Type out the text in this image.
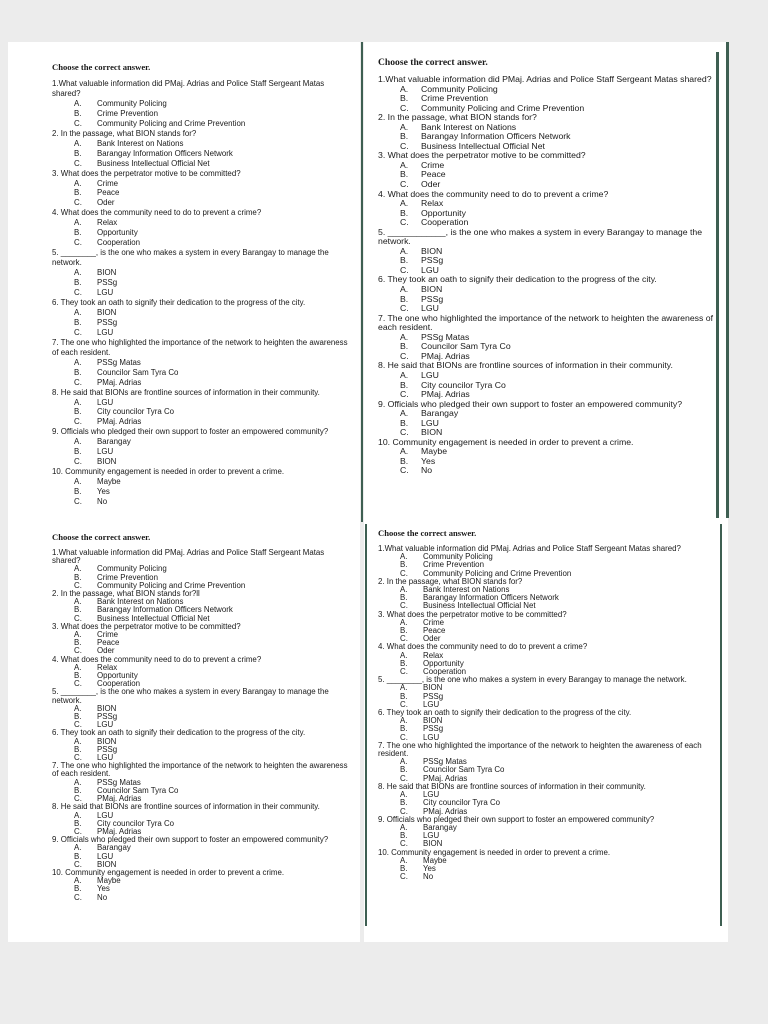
Choose the correct answer.

1.What valuable information did PMaj. Adrias and Police Staff Sergeant Matas shared?

A.	Community Policing
B.	Crime Prevention
C.	Community Policing and Crime Prevention

2. In the passage, what BION stands for?

A.	Bank Interest on Nations
B.	Barangay Information Officers Network
C.	Business Intellectual Official Net

3. What does the perpetrator motive to be committed?

A.	Crime
B.	Peace
C.	Oder

4. What does the community need to do to prevent a crime?

A.	Relax
B.	Opportunity
C.	Cooperation

5. ________, is the one who makes a system in every Barangay to manage the network.

A.	BION
B.	PSSg
C.	LGU

6. They took an oath to signify their dedication to the progress of the city.

A.	BION
B.	PSSg
C.	LGU

7. The one who highlighted the importance of the network to heighten the awareness of each resident.

A.	PSSg Matas
B.	Councilor Sam Tyra Co
C.	PMaj. Adrias

8. He said that BIONs are frontline sources of information in their community.

A.	LGU
B.	City councilor Tyra Co
C.	PMaj. Adrias

9. Officials who pledged their own support to foster an empowered community?

A.	Barangay
B.	LGU
C.	BION

10. Community engagement is needed in order to prevent a crime.

A.	Maybe
B.	Yes
C.	No

Choose the correct answer.

1.What valuable information did PMaj. Adrias and Police Staff Sergeant Matas shared?

A.	Community Policing
B.	Crime Prevention
C.	Community Policing and Crime Prevention

2. In the passage, what BION stands for?

A.	Bank Interest on Nations
B.	Barangay Information Officers Network
C.	Business Intellectual Official Net

3. What does the perpetrator motive to be committed?

A.	Crime
B.	Peace
C.	Oder

4. What does the community need to do to prevent a crime?

A.	Relax
B.	Opportunity
C.	Cooperation

5. ____________, is the one who makes a system in every Barangay to manage the network.

A.	BION
B.	PSSg
C.	LGU

6. They took an oath to signify their dedication to the progress of the city.

A.	BION
B.	PSSg
C.	LGU

7. The one who highlighted the importance of the network to heighten the awareness of each resident.

A.	PSSg Matas
B.	Councilor Sam Tyra Co
C.	PMaj. Adrias

8. He said that BIONs are frontline sources of information in their community.

A.	LGU
B.	City councilor Tyra Co
C.	PMaj. Adrias

9. Officials who pledged their own support to foster an empowered community?

A.	Barangay
B.	LGU
C.	BION

10. Community engagement is needed in order to prevent a crime.

A.	Maybe
B.	Yes
C.	No

Choose the correct answer.

1.What valuable information did PMaj. Adrias and Police Staff Sergeant Matas shared?

A.	Community Policing
B.	Crime Prevention
C.	Community Policing and Crime Prevention

2. In the passage, what BION stands for?ll

A.	Bank Interest on Nations
B.	Barangay Information Officers Network
C.	Business Intellectual Official Net

3. What does the perpetrator motive to be committed?

A.	Crime
B.	Peace
C.	Oder

4. What does the community need to do to prevent a crime?

A.	Relax
B.	Opportunity
C.	Cooperation

5. ________, is the one who makes a system in every Barangay to manage the network.

A.	BION
B.	PSSg
C.	LGU

6. They took an oath to signify their dedication to the progress of the city.

A.	BION
B.	PSSg
C.	LGU

7. The one who highlighted the importance of the network to heighten the awareness of each resident.

A.	PSSg Matas
B.	Councilor Sam Tyra Co
C.	PMaj. Adrias

8. He said that BIONs are frontline sources of information in their community.

A.	LGU
B.	City councilor Tyra Co
C.	PMaj. Adrias

9. Officials who pledged their own support to foster an empowered community?

A.	Barangay
B.	LGU
C.	BION

10. Community engagement is needed in order to prevent a crime.

A.	Maybe
B.	Yes
C.	No

Choose the correct answer.

1.What valuable information did PMaj. Adrias and Police Staff Sergeant Matas shared?

A.	Community Policing
B.	Crime Prevention
C.	Community Policing and Crime Prevention

2. In the passage, what BION stands for?

A.	Bank Interest on Nations
B.	Barangay Information Officers Network
C.	Business Intellectual Official Net

3. What does the perpetrator motive to be committed?

A.	Crime
B.	Peace
C.	Oder

4. What does the community need to do to prevent a crime?

A.	Relax
B.	Opportunity
C.	Cooperation

5. ________, is the one who makes a system in every Barangay to manage the network.

A.	BION
B.	PSSg
C.	LGU

6. They took an oath to signify their dedication to the progress of the city.

A.	BION
B.	PSSg
C.	LGU

7. The one who highlighted the importance of the network to heighten the awareness of each resident.

A.	PSSg Matas
B.	Councilor Sam Tyra Co
C.	PMaj. Adrias

8. He said that BIONs are frontline sources of information in their community.

A.	LGU
B.	City councilor Tyra Co
C.	PMaj. Adrias

9. Officials who pledged their own support to foster an empowered community?

A.	Barangay
B.	LGU
C.	BION

10. Community engagement is needed in order to prevent a crime.

A.	Maybe
B.	Yes
C.	No
